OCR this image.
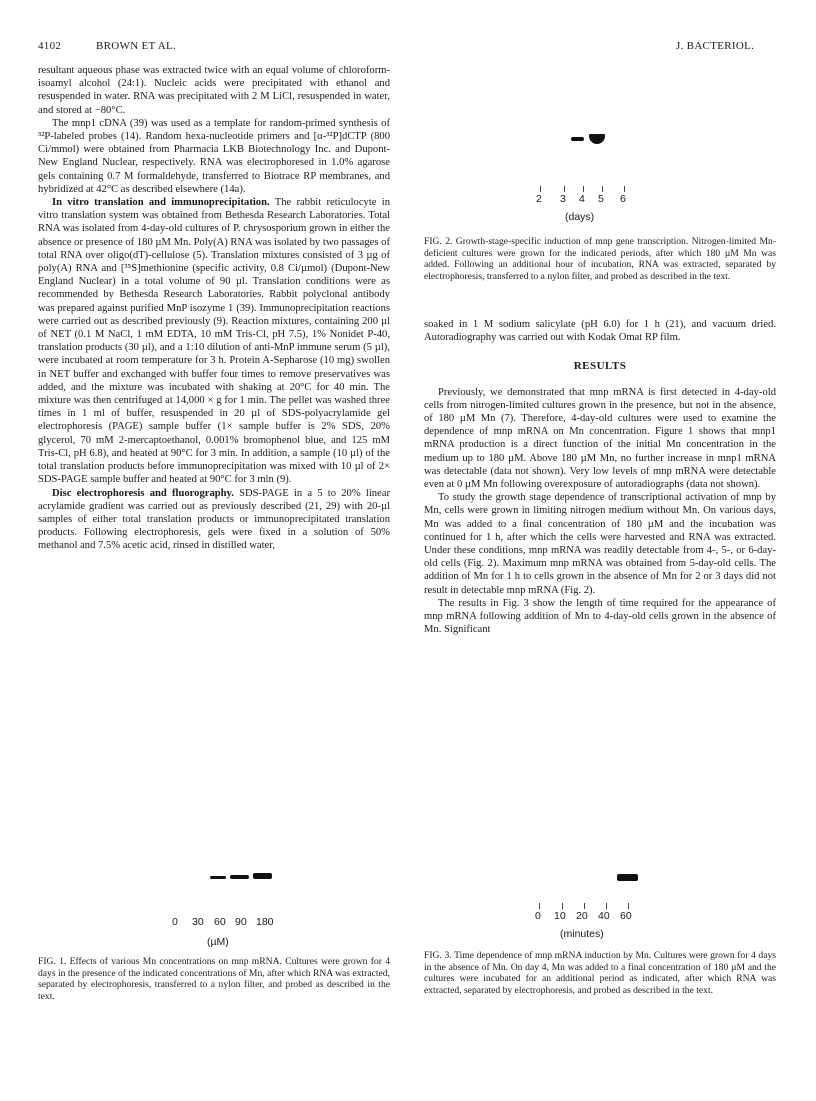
4102	BROWN ET AL.	J. BACTERIOL.

resultant aqueous phase was extracted twice with an equal volume of chloroform-isoamyl alcohol (24:1). Nucleic acids were precipitated with ethanol and resuspended in water. RNA was precipitated with 2 M LiCl, resuspended in water, and stored at −80°C.

The mnp1 cDNA (39) was used as a template for random-primed synthesis of ³²P-labeled probes (14). Random hexa-nucleotide primers and [α-³²P]dCTP (800 Ci/mmol) were obtained from Pharmacia LKB Biotechnology Inc. and Dupont-New England Nuclear, respectively. RNA was electrophoresed in 1.0% agarose gels containing 0.7 M formaldehyde, transferred to Biotrace RP membranes, and hybridized at 42°C as described elsewhere (14a).

In vitro translation and immunoprecipitation. The rabbit reticulocyte in vitro translation system was obtained from Bethesda Research Laboratories. Total RNA was isolated from 4-day-old cultures of P. chrysosporium grown in either the absence or presence of 180 µM Mn. Poly(A) RNA was isolated by two passages of total RNA over oligo(dT)-cellulose (5). Translation mixtures consisted of 3 µg of poly(A) RNA and [³⁵S]methionine (specific activity, 0.8 Ci/µmol) (Dupont-New England Nuclear) in a total volume of 90 µl. Translation conditions were as recommended by Bethesda Research Laboratories. Rabbit polyclonal antibody was prepared against purified MnP isozyme 1 (39). Immunoprecipitation reactions were carried out as described previously (9). Reaction mixtures, containing 200 µl of NET (0.1 M NaCl, 1 mM EDTA, 10 mM Tris-Cl, pH 7.5), 1% Nonidet P-40, translation products (30 µl), and a 1:10 dilution of anti-MnP immune serum (5 µl), were incubated at room temperature for 3 h. Protein A-Sepharose (10 mg) swollen in NET buffer and exchanged with buffer four times to remove preservatives was added, and the mixture was incubated with shaking at 20°C for 40 min. The mixture was then centrifuged at 14,000 × g for 1 min. The pellet was washed three times in 1 ml of buffer, resuspended in 20 µl of SDS-polyacrylamide gel electrophoresis (PAGE) sample buffer (1× sample buffer is 2% SDS, 20% glycerol, 70 mM 2-mercaptoethanol, 0.001% bromophenol blue, and 125 mM Tris-Cl, pH 6.8), and heated at 90°C for 3 min. In addition, a sample (10 µl) of the total translation products before immunoprecipitation was mixed with 10 µl of 2× SDS-PAGE sample buffer and heated at 90°C for 3 min (9).

Disc electrophoresis and fluorography. SDS-PAGE in a 5 to 20% linear acrylamide gradient was carried out as previously described (21, 29) with 20-µl samples of either total translation products or immunoprecipitated translation products. Following electrophoresis, gels were fixed in a solution of 50% methanol and 7.5% acetic acid, rinsed in distilled water,

2 3 4 5 6
(days)
FIG. 2. Growth-stage-specific induction of mnp gene transcription. Nitrogen-limited Mn-deficient cultures were grown for the indicated periods, after which 180 µM Mn was added. Following an additional hour of incubation, RNA was extracted, separated by electrophoresis, transferred to a nylon filter, and probed as described in the text.

soaked in 1 M sodium salicylate (pH 6.0) for 1 h (21), and vacuum dried. Autoradiography was carried out with Kodak Omat RP film.

RESULTS

Previously, we demonstrated that mnp mRNA is first detected in 4-day-old cells from nitrogen-limited cultures grown in the presence, but not in the absence, of 180 µM Mn (7). Therefore, 4-day-old cultures were used to examine the dependence of mnp mRNA on Mn concentration. Figure 1 shows that mnp1 mRNA production is a direct function of the initial Mn concentration in the medium up to 180 µM. Above 180 µM Mn, no further increase in mnp1 mRNA was detectable (data not shown). Very low levels of mnp mRNA were detectable even at 0 µM Mn following overexposure of autoradiographs (data not shown).

To study the growth stage dependence of transcriptional activation of mnp by Mn, cells were grown in limiting nitrogen medium without Mn. On various days, Mn was added to a final concentration of 180 µM and the incubation was continued for 1 h, after which the cells were harvested and RNA was extracted. Under these conditions, mnp mRNA was readily detectable from 4-, 5-, or 6-day-old cells (Fig. 2). Maximum mnp mRNA was obtained from 5-day-old cells. The addition of Mn for 1 h to cells grown in the absence of Mn for 2 or 3 days did not result in detectable mnp mRNA (Fig. 2).

The results in Fig. 3 show the length of time required for the appearance of mnp mRNA following addition of Mn to 4-day-old cells grown in the absence of Mn. Significant

0 30 60 90 180
(µM)
FIG. 1. Effects of various Mn concentrations on mnp mRNA. Cultures were grown for 4 days in the presence of the indicated concentrations of Mn, after which RNA was extracted, separated by electrophoresis, transferred to a nylon filter, and probed as described in the text.
0 10 20 40 60
(minutes)
FIG. 3. Time dependence of mnp mRNA induction by Mn. Cultures were grown for 4 days in the absence of Mn. On day 4, Mn was added to a final concentration of 180 µM and the cultures were incubated for an additional period as indicated, after which RNA was extracted, separated by electrophoresis, and probed as described in the text.
